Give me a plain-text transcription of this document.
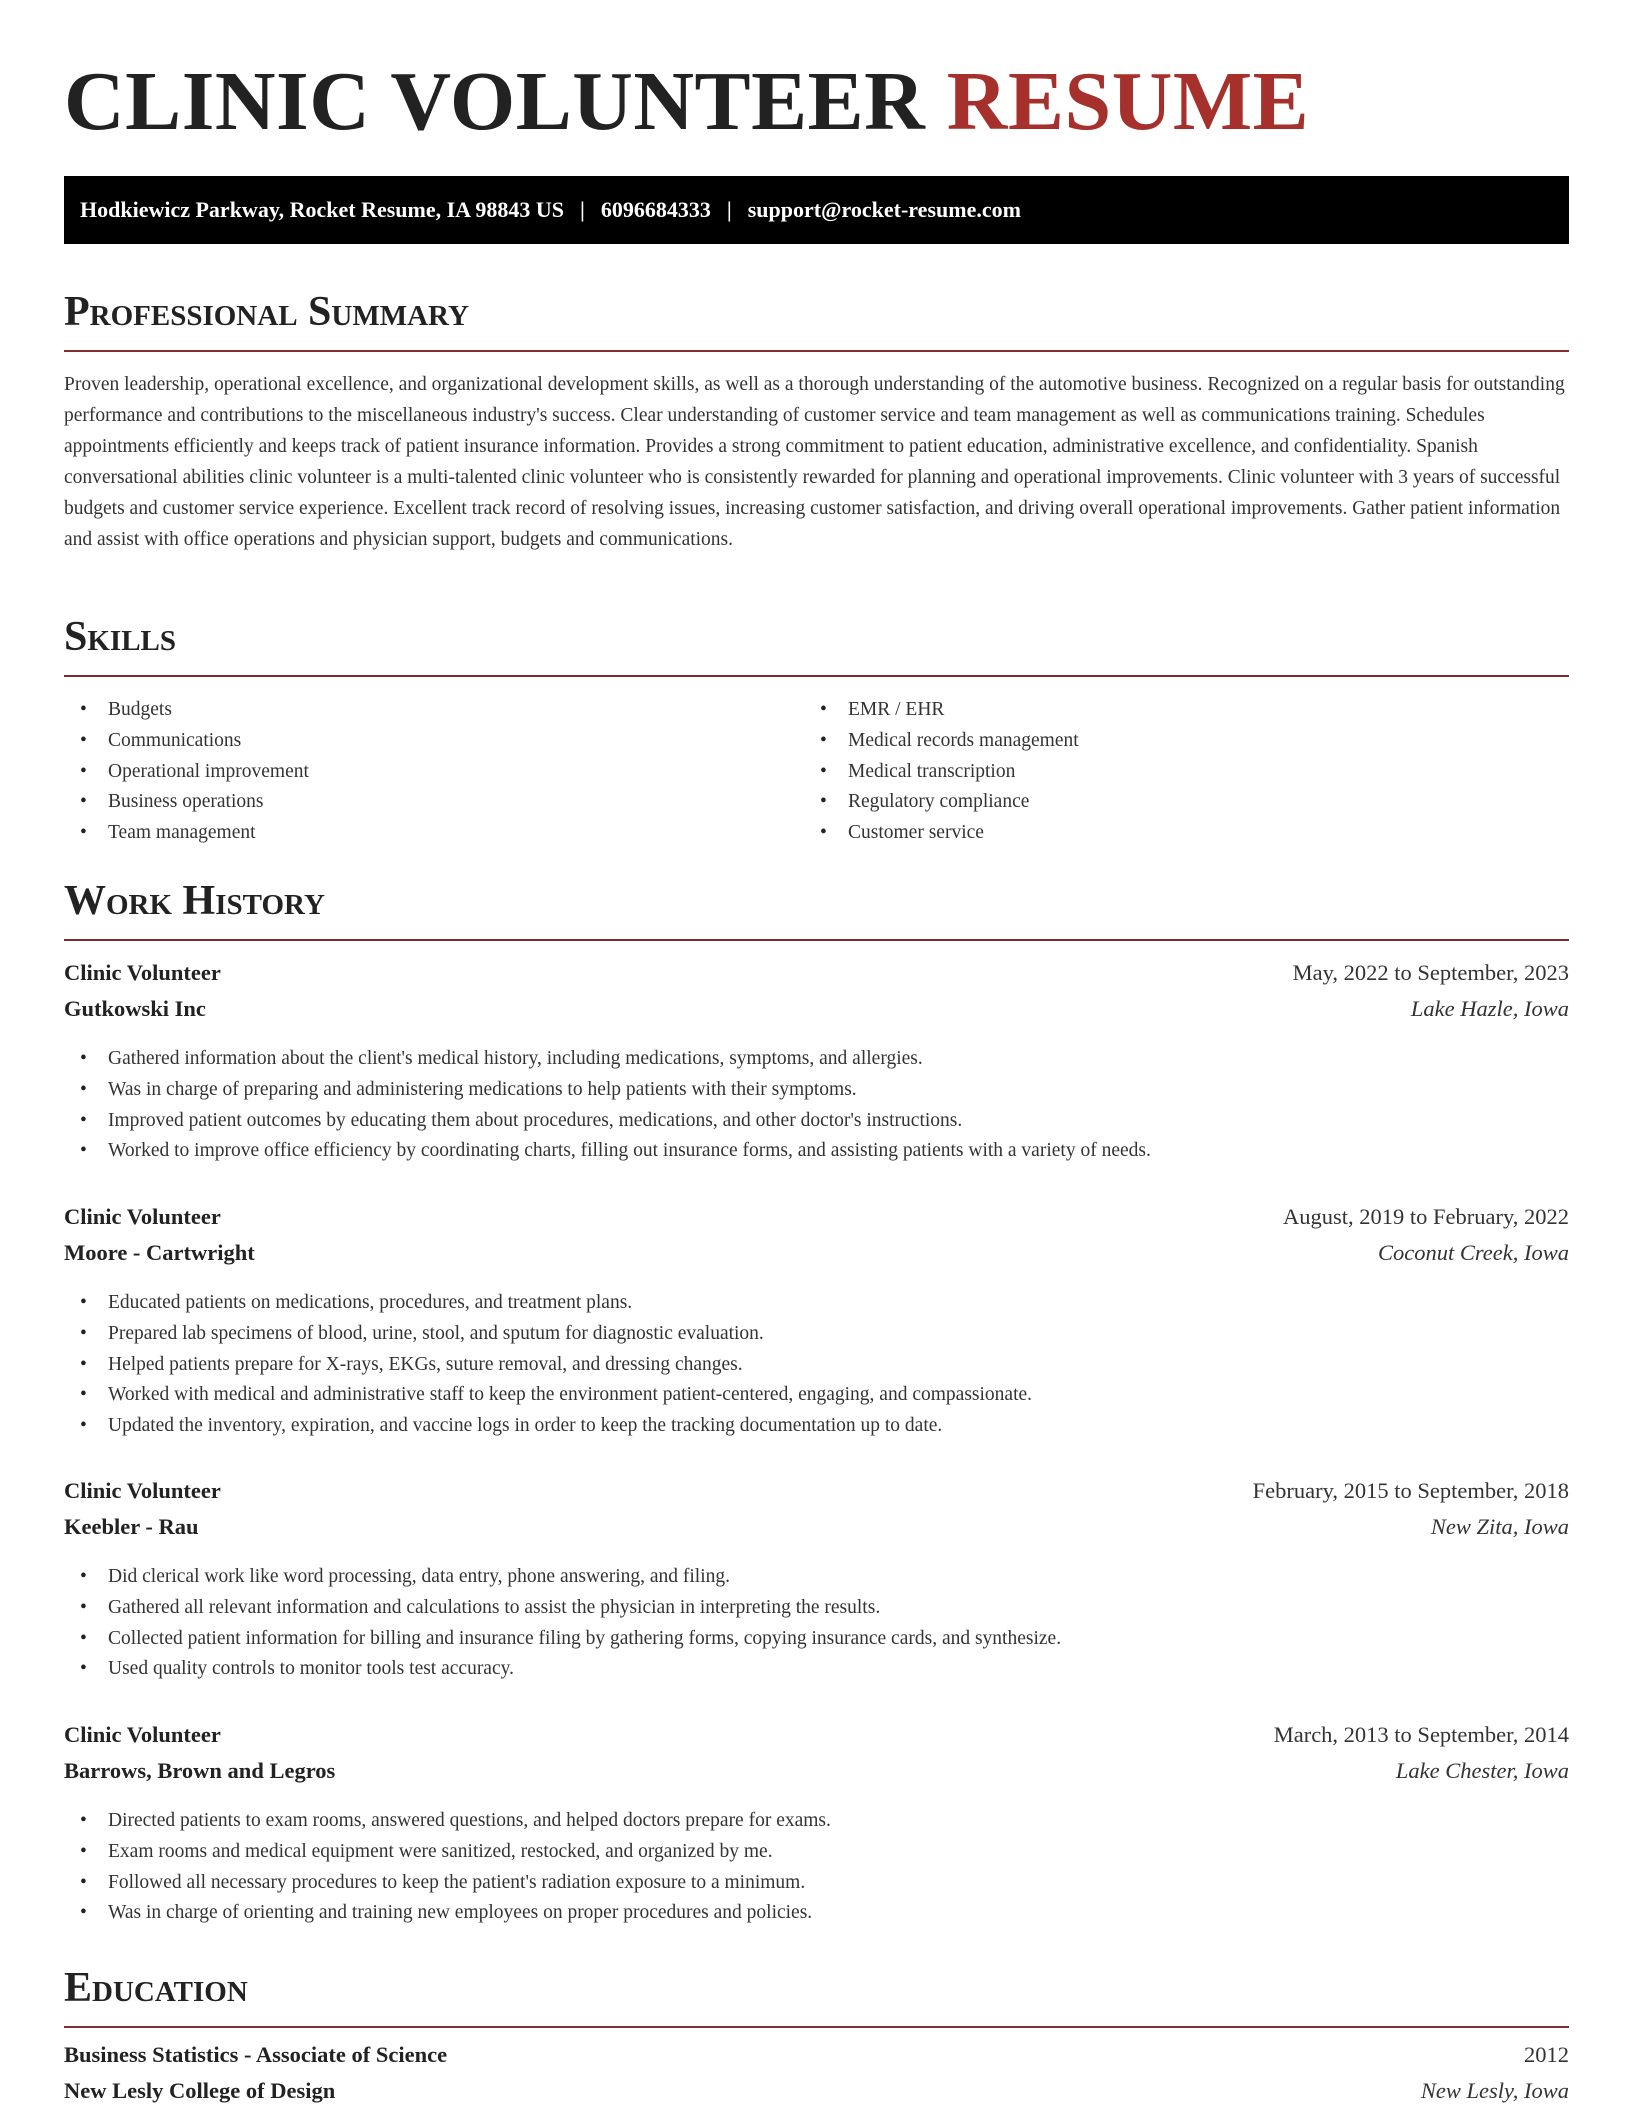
CLINIC VOLUNTEER RESUME
Hodkiewicz Parkway, Rocket Resume, IA 98843 US | 6096684333 | support@rocket-resume.com
Professional Summary

Proven leadership, operational excellence, and organizational development skills, as well as a thorough understanding of the automotive business. Recognized on a regular basis for outstanding performance and contributions to the miscellaneous industry's success. Clear understanding of customer service and team management as well as communications training. Schedules appointments efficiently and keeps track of patient insurance information. Provides a strong commitment to patient education, administrative excellence, and confidentiality. Spanish conversational abilities clinic volunteer is a multi-talented clinic volunteer who is consistently rewarded for planning and operational improvements. Clinic volunteer with 3 years of successful budgets and customer service experience. Excellent track record of resolving issues, increasing customer satisfaction, and driving overall operational improvements. Gather patient information and assist with office operations and physician support, budgets and communications.

Skills
• Budgets
• Communications
• Operational improvement
• Business operations
• Team management
• EMR / EHR
• Medical records management
• Medical transcription
• Regulatory compliance
• Customer service
Work History
Clinic Volunteer	May, 2022 to September, 2023
Gutkowski Inc	Lake Hazle, Iowa
• Gathered information about the client's medical history, including medications, symptoms, and allergies.
• Was in charge of preparing and administering medications to help patients with their symptoms.
• Improved patient outcomes by educating them about procedures, medications, and other doctor's instructions.
• Worked to improve office efficiency by coordinating charts, filling out insurance forms, and assisting patients with a variety of needs.
Clinic Volunteer	August, 2019 to February, 2022
Moore - Cartwright	Coconut Creek, Iowa
• Educated patients on medications, procedures, and treatment plans.
• Prepared lab specimens of blood, urine, stool, and sputum for diagnostic evaluation.
• Helped patients prepare for X-rays, EKGs, suture removal, and dressing changes.
• Worked with medical and administrative staff to keep the environment patient-centered, engaging, and compassionate.
• Updated the inventory, expiration, and vaccine logs in order to keep the tracking documentation up to date.
Clinic Volunteer	February, 2015 to September, 2018
Keebler - Rau	New Zita, Iowa
• Did clerical work like word processing, data entry, phone answering, and filing.
• Gathered all relevant information and calculations to assist the physician in interpreting the results.
• Collected patient information for billing and insurance filing by gathering forms, copying insurance cards, and synthesize.
• Used quality controls to monitor tools test accuracy.
Clinic Volunteer	March, 2013 to September, 2014
Barrows, Brown and Legros	Lake Chester, Iowa
• Directed patients to exam rooms, answered questions, and helped doctors prepare for exams.
• Exam rooms and medical equipment were sanitized, restocked, and organized by me.
• Followed all necessary procedures to keep the patient's radiation exposure to a minimum.
• Was in charge of orienting and training new employees on proper procedures and policies.
Education
Business Statistics - Associate of Science	2012
New Lesly College of Design	New Lesly, Iowa
